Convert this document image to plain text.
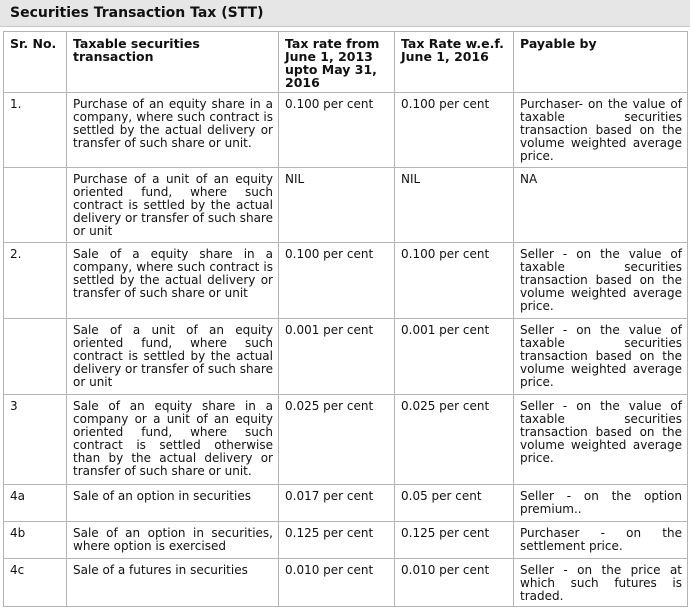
Securities Transaction Tax (STT)
Sr. No.	Taxable securities transaction	Tax rate from June 1, 2013 upto May 31, 2016	Tax Rate w.e.f. June 1, 2016	Payable by
1.	Purchase of an equity share in a company, where such contract is settled by the actual delivery or transfer of such share or unit.	0.100 per cent	0.100 per cent	Purchaser- on the value of taxable securities transaction based on the volume weighted average price.
	Purchase of a unit of an equity oriented fund, where such contract is settled by the actual delivery or transfer of such share or unit	NIL	NIL	NA
2.	Sale of a equity share in a company, where such contract is settled by the actual delivery or transfer of such share or unit	0.100 per cent	0.100 per cent	Seller - on the value of taxable securities transaction based on the volume weighted average price.
	Sale of a unit of an equity oriented fund, where such contract is settled by the actual delivery or transfer of such share or unit	0.001 per cent	0.001 per cent	Seller - on the value of taxable securities transaction based on the volume weighted average price.
3	Sale of an equity share in a company or a unit of an equity oriented fund, where such contract is settled otherwise than by the actual delivery or transfer of such share or unit.	0.025 per cent	0.025 per cent	Seller - on the value of taxable securities transaction based on the volume weighted average price.
4a	Sale of an option in securities	0.017 per cent	0.05 per cent	Seller - on the option premium..
4b	Sale of an option in securities, where option is exercised	0.125 per cent	0.125 per cent	Purchaser - on the settlement price.
4c	Sale of a futures in securities	0.010 per cent	0.010 per cent	Seller - on the price at which such futures is traded.
